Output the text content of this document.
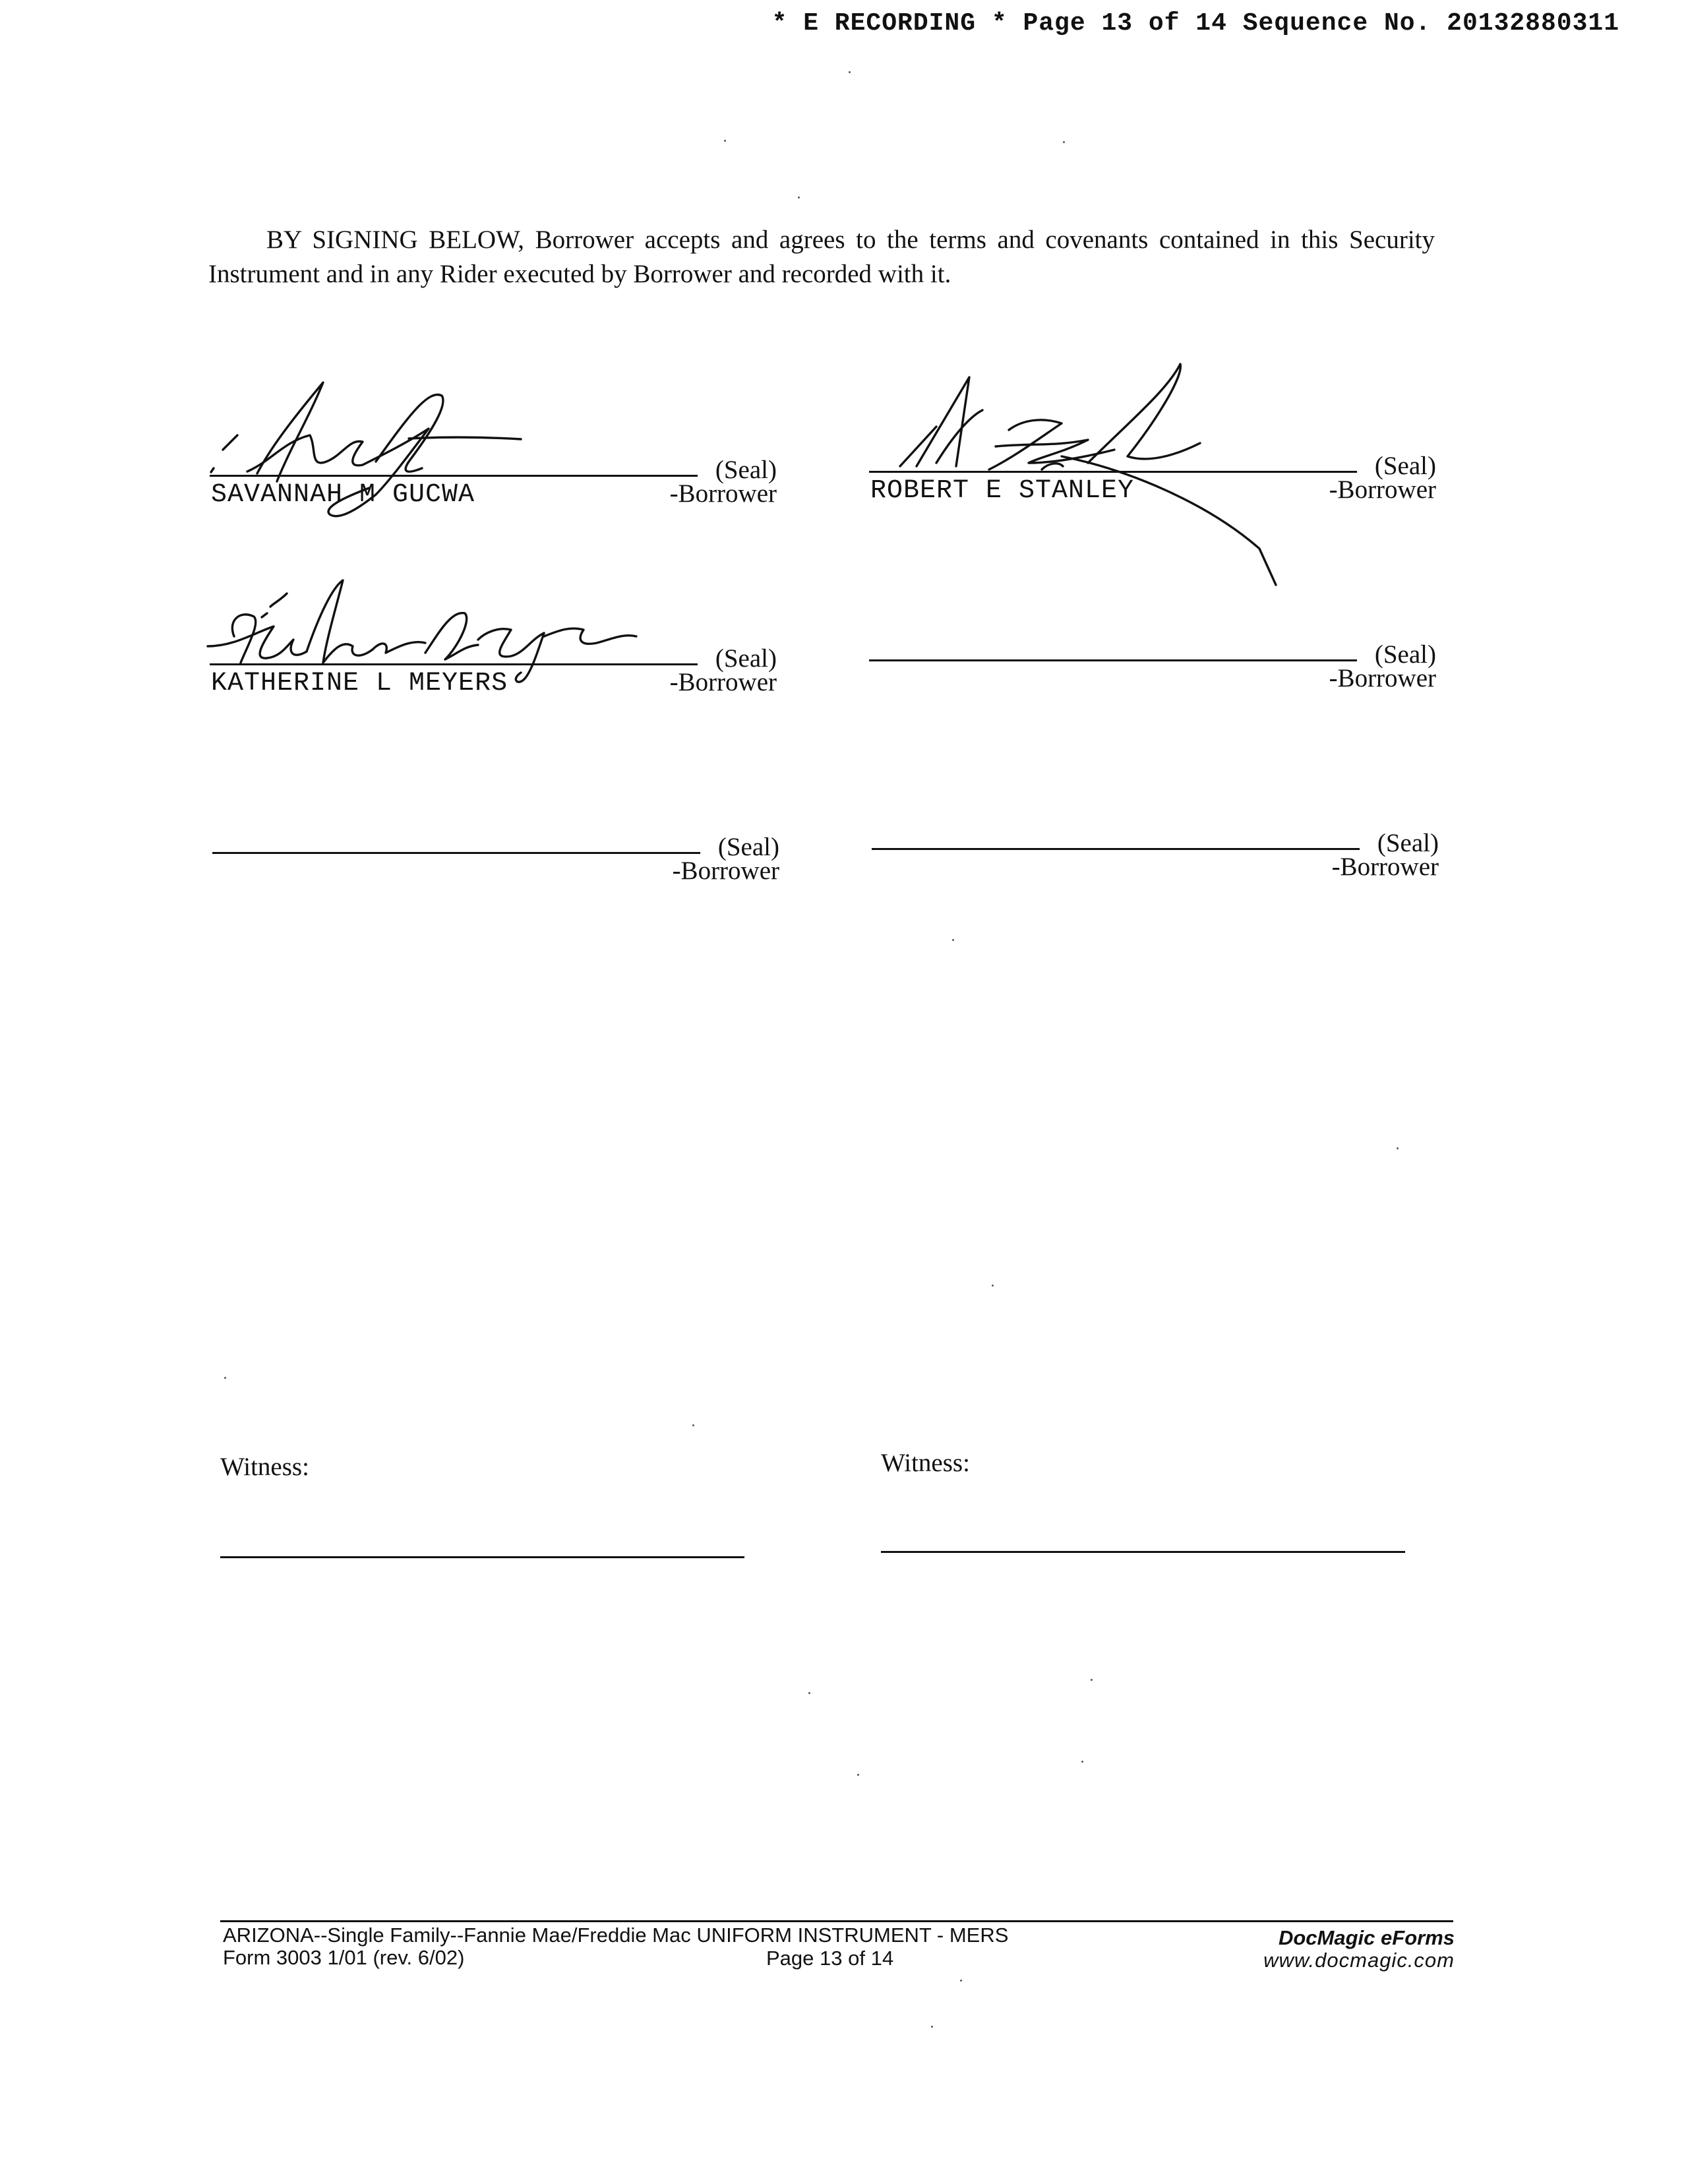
* E RECORDING * Page 13 of 14 Sequence No. 20132880311
BY SIGNING BELOW, Borrower accepts and agrees to the terms and covenants contained in this Security
Instrument and in any Rider executed by Borrower and recorded with it.
(Seal)
-Borrower
SAVANNAH M GUCWA
(Seal)
-Borrower
ROBERT E STANLEY
(Seal)
-Borrower
KATHERINE L MEYERS
(Seal)
-Borrower
(Seal)
-Borrower
(Seal)
-Borrower
Witness:	Witness:
ARIZONA--Single Family--Fannie Mae/Freddie Mac UNIFORM INSTRUMENT - MERS
Form 3003 1/01 (rev. 6/02)	Page 13 of 14
DocMagic eForms
www.docmagic.com
